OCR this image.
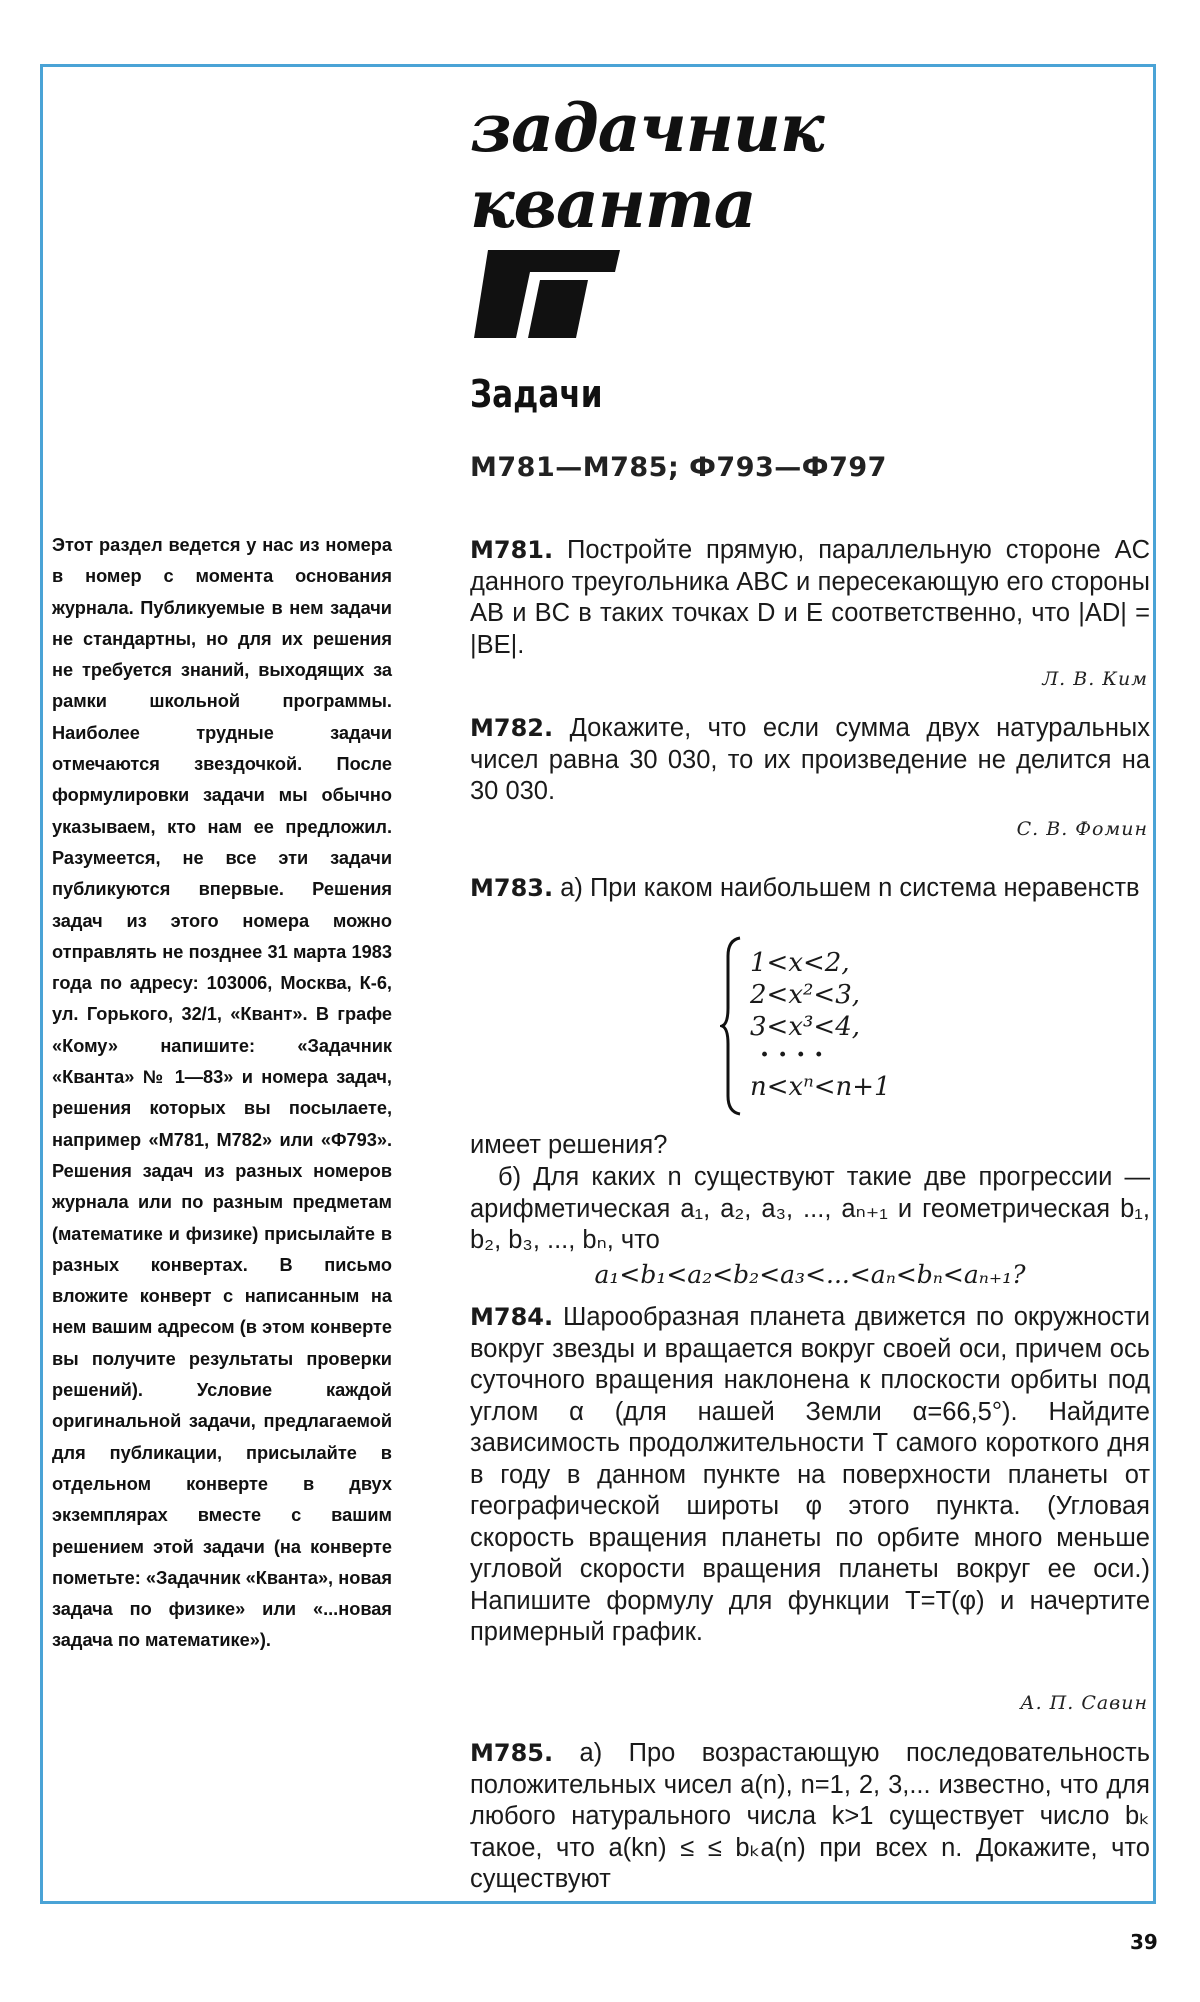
задачник
кванта
Задачи
М781—М785; Ф793—Ф797
Этот раздел ведется у нас из номера в номер с момента основания журнала. Публикуемые в нем задачи не стандартны, но для их решения не требуется знаний, выходящих за рамки школьной программы. Наиболее трудные задачи отмечаются звездочкой. После формулировки задачи мы обычно указываем, кто нам ее предложил. Разумеется, не все эти задачи публикуются впервые. Решения задач из этого номера можно отправлять не позднее 31 марта 1983 года по адресу: 103006, Москва, К-6, ул. Горького, 32/1, «Квант». В графе «Кому» напишите: «Задачник «Кванта» № 1—83» и номера задач, решения которых вы посылаете, например «М781, М782» или «Ф793». Решения задач из разных номеров журнала или по разным предметам (математике и физике) присылайте в разных конвертах. В письмо вложите конверт с написанным на нем вашим адресом (в этом конверте вы получите результаты проверки решений). Условие каждой оригинальной задачи, предлагаемой для публикации, присылайте в отдельном конверте в двух экземплярах вместе с вашим решением этой задачи (на конверте пометьте: «Задачник «Кванта», новая задача по физике» или «...новая задача по математике»).
М781. Постройте прямую, параллельную стороне AC данного треугольника ABC и пересекающую его стороны AB и BC в таких точках D и E соответственно, что |AD| = |BE|.
Л. В. Ким
М782. Докажите, что если сумма двух натуральных чисел равна 30 030, то их произведение не делится на 30 030.
С. В. Фомин
М783. а) При каком наибольшем n система неравенств
1<x<2,
2<x²<3,
3<x³<4,
· · · ·
n<xⁿ<n+1
имеет решения?
б) Для каких n существуют такие две прогрессии — арифметическая a₁, a₂, a₃, ..., aₙ₊₁ и геометрическая b₁, b₂, b₃, ..., bₙ, что
a₁<b₁<a₂<b₂<a₃<...<aₙ<bₙ<aₙ₊₁?
М784. Шарообразная планета движется по окружности вокруг звезды и вращается вокруг своей оси, причем ось суточного вращения наклонена к плоскости орбиты под углом α (для нашей Земли α=66,5°). Найдите зависимость продолжительности T самого короткого дня в году в данном пункте на поверхности планеты от географической широты φ этого пункта. (Угловая скорость вращения планеты по орбите много меньше угловой скорости вращения планеты вокруг ее оси.) Напишите формулу для функции T=T(φ) и начертите примерный график.
А. П. Савин
М785. а) Про возрастающую последовательность положительных чисел a(n), n=1, 2, 3,... известно, что для любого натурального числа k>1 существует число bₖ такое, что a(kn) ≤ ≤ bₖa(n) при всех n. Докажите, что существуют
39
